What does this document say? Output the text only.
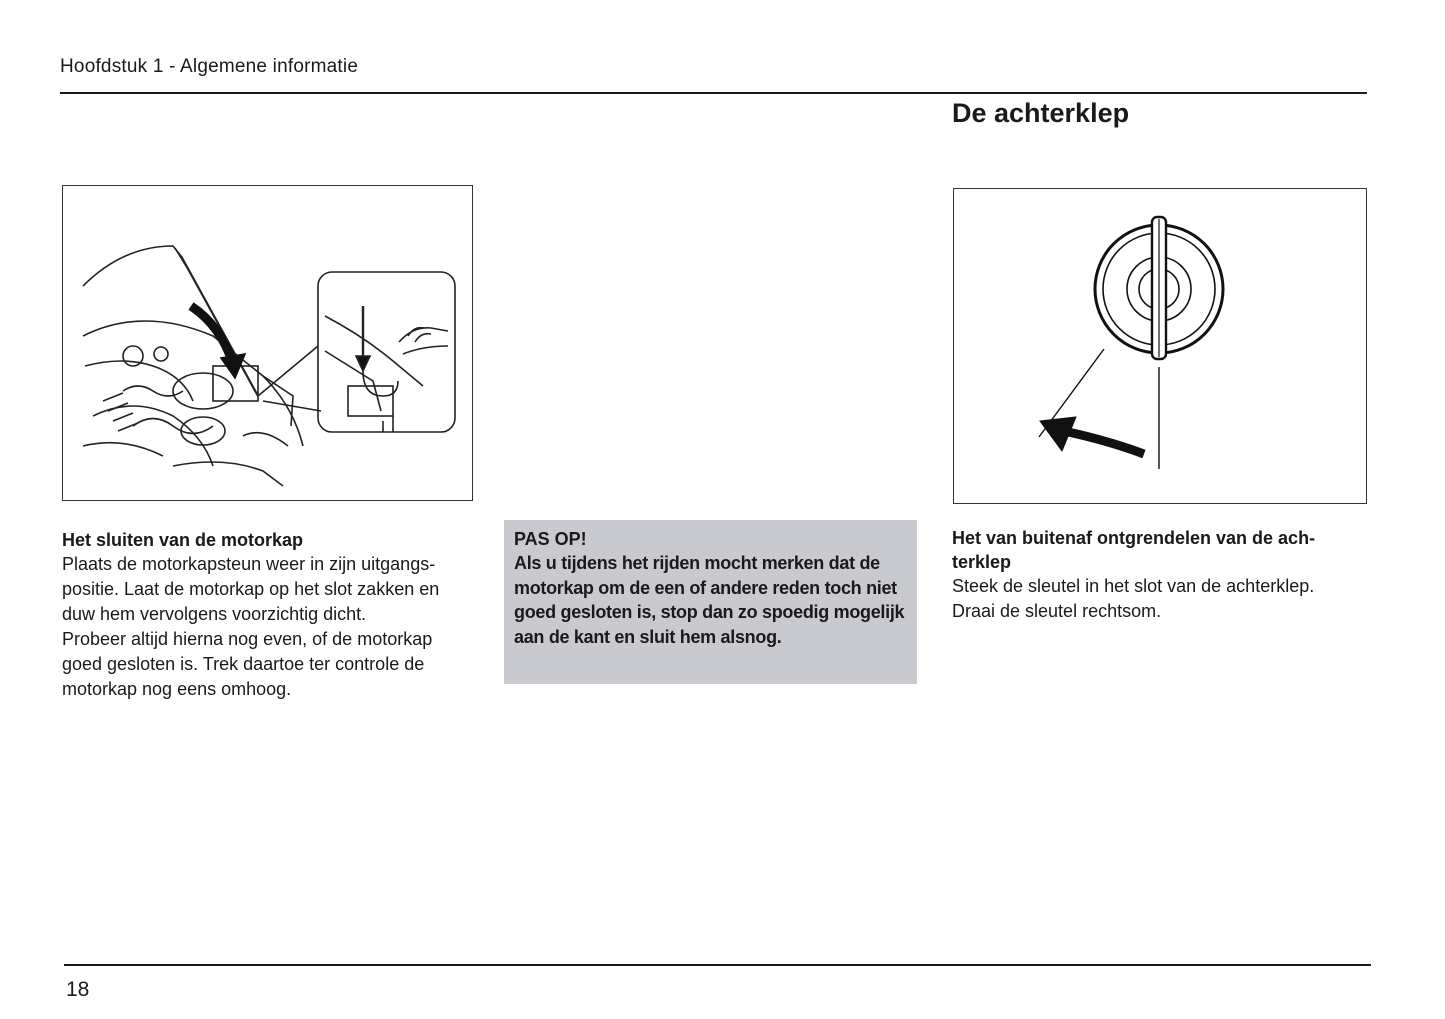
Hoofdstuk 1 - Algemene informatie
De achterklep

Het sluiten van de motorkap

Plaats de motorkapsteun weer in zijn uitgangs-positie. Laat de motorkap op het slot zakken en duw hem vervolgens voorzichtig dicht.

Probeer altijd hierna nog even, of de motorkap goed gesloten is. Trek daartoe ter controle de motorkap nog eens omhoog.

PAS OP!

Als u tijdens het rijden mocht merken dat de motorkap om de een of andere reden toch niet goed gesloten is, stop dan zo spoedig mogelijk aan de kant en sluit hem alsnog.

Het van buitenaf ontgrendelen van de ach-terklep

Steek de sleutel in het slot van de achterklep.

Draai de sleutel rechtsom.

18
